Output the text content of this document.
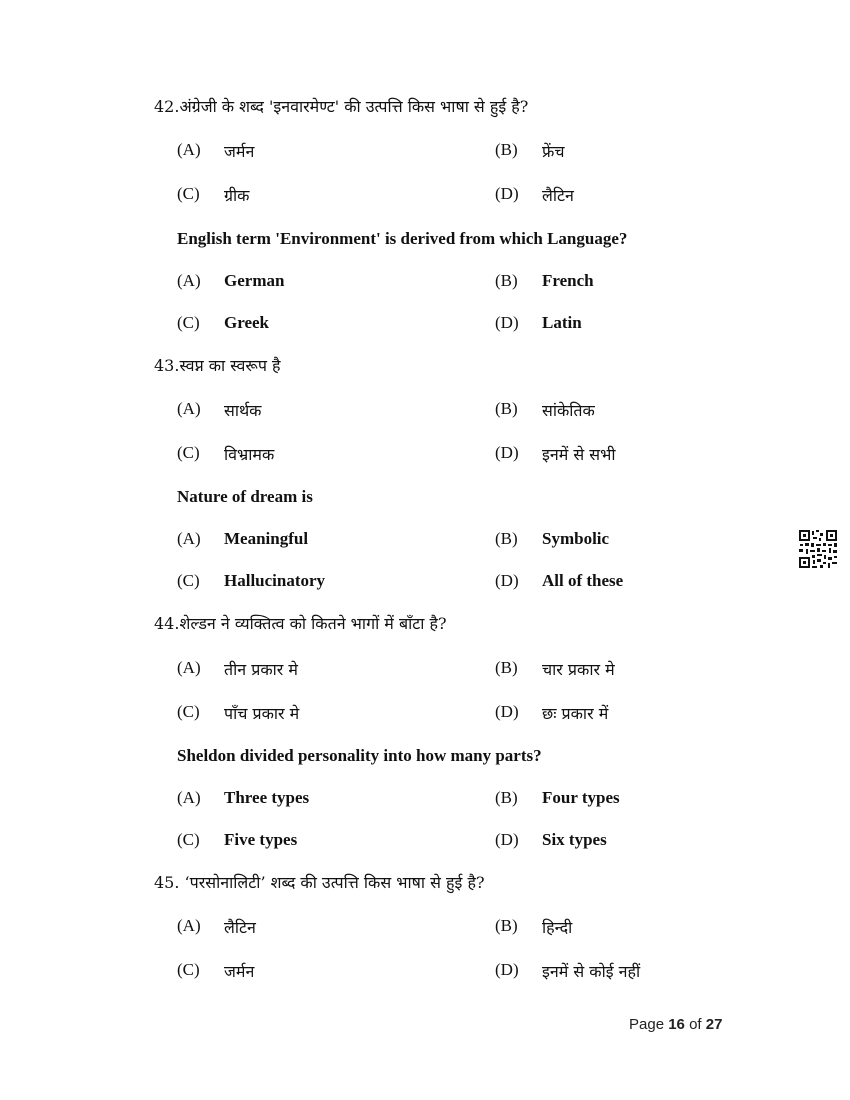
42.अंग्रेजी के शब्द 'इनवारमेण्ट' की उत्पत्ति किस भाषा से हुई है?
(A) जर्मन	(B) फ्रेंच
(C) ग्रीक	(D) लैटिन
English term 'Environment' is derived from which Language?
(A) German	(B) French
(C) Greek	(D) Latin
43.स्वप्न का स्वरूप है
(A) सार्थक	(B) सांकेतिक
(C) विभ्रामक	(D) इनमें से सभी
Nature of dream is
(A) Meaningful	(B) Symbolic
(C) Hallucinatory	(D) All of these
44.शेल्डन ने व्यक्तित्व को कितने भागों में बाँटा है?
(A) तीन प्रकार मे	(B) चार प्रकार मे
(C) पाँच प्रकार मे	(D) छः प्रकार में
Sheldon divided personality into how many parts?
(A) Three types	(B) Four types
(C) Five types	(D) Six types
45. ‘परसोनालिटी’ शब्द की उत्पत्ति किस भाषा से हुई है?
(A) लैटिन	(B) हिन्दी
(C) जर्मन	(D) इनमें से कोई नहीं
Page 16 of 27
